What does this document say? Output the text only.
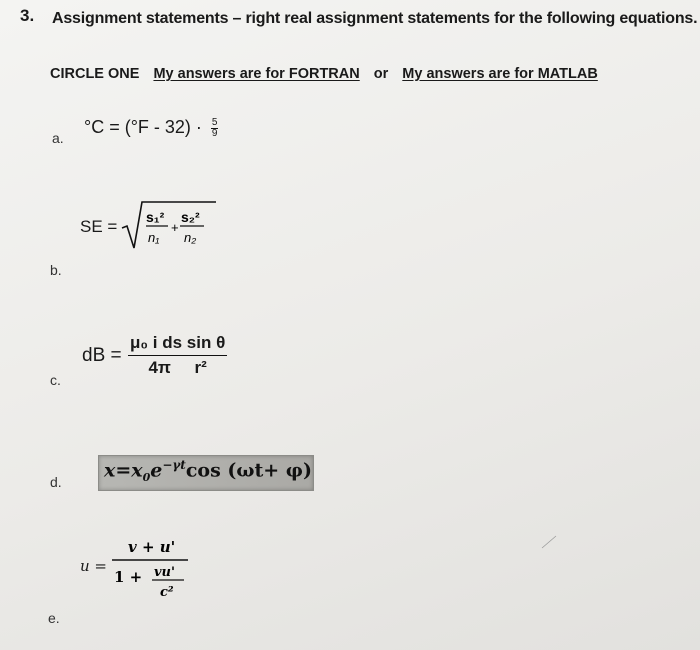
3. Assignment statements – right real assignment statements for the following equations.
CIRCLE ONE My answers are for FORTRAN or My answers are for MATLAB
a.
b.
c.
d.
e.
$^\circ C = (^\circ F - 32) \cdot \frac{5}{9}$
SE = s₁²
n₁
+
s₂²
n₂
dB = $\frac{\text{μ₀ i ds sin θ}}{\text{4π     r²}}$
$x=x_0e^{-\gamma t}\cos$ (ωt+ φ)
u =
v + u'
1 + vu'
c²
